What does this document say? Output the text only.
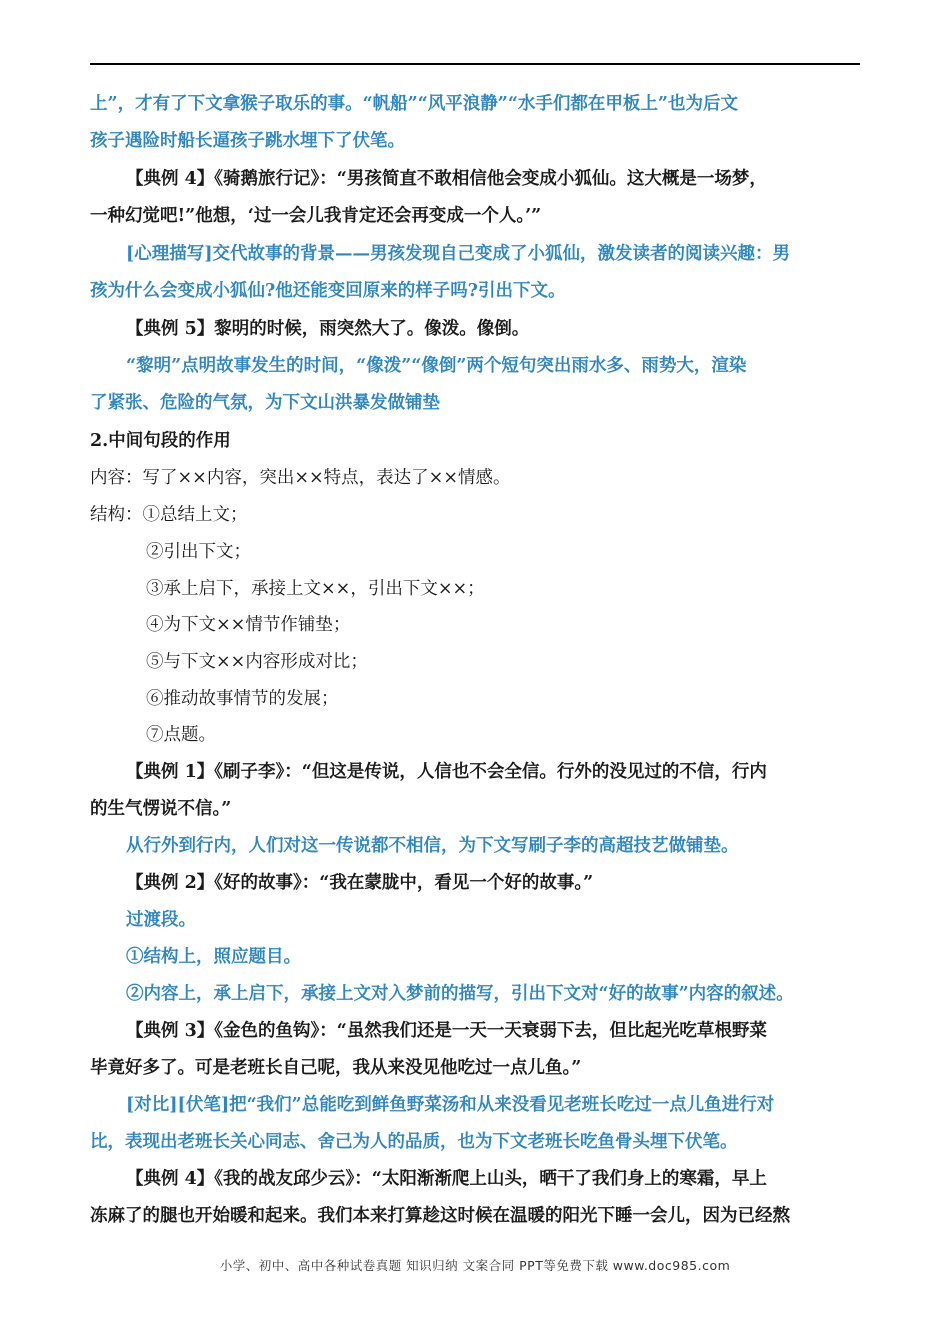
上”，才有了下文拿猴子取乐的事。“帆船”“风平浪静”“水手们都在甲板上”也为后文
孩子遇险时船长逼孩子跳水埋下了伏笔。
【典例 4】《骑鹅旅行记》：“男孩简直不敢相信他会变成小狐仙。这大概是一场梦，
一种幻觉吧!”他想，‘过一会儿我肯定还会再变成一个人。’”
[心理描写]交代故事的背景——男孩发现自己变成了小狐仙，激发读者的阅读兴趣：男
孩为什么会变成小狐仙?他还能变回原来的样子吗?引出下文。
【典例 5】黎明的时候，雨突然大了。像泼。像倒。
“黎明”点明故事发生的时间，“像泼”“像倒”两个短句突出雨水多、雨势大，渲染
了紧张、危险的气氛，为下文山洪暴发做铺垫
2.中间句段的作用
内容：写了××内容，突出××特点，表达了××情感。
结构：①总结上文；
②引出下文；
③承上启下，承接上文××，引出下文××；
④为下文××情节作铺垫；
⑤与下文××内容形成对比；
⑥推动故事情节的发展；
⑦点题。
【典例 1】《刷子李》：“但这是传说，人信也不会全信。行外的没见过的不信，行内
的生气愣说不信。”
从行外到行内，人们对这一传说都不相信，为下文写刷子李的高超技艺做铺垫。
【典例 2】《好的故事》：“我在蒙胧中，看见一个好的故事。”
过渡段。
①结构上，照应题目。
②内容上，承上启下，承接上文对入梦前的描写，引出下文对“好的故事”内容的叙述。
【典例 3】《金色的鱼钩》：“虽然我们还是一天一天衰弱下去，但比起光吃草根野菜
毕竟好多了。可是老班长自己呢，我从来没见他吃过一点儿鱼。”
[对比][伏笔]把“我们”总能吃到鲜鱼野菜汤和从来没看见老班长吃过一点儿鱼进行对
比，表现出老班长关心同志、舍己为人的品质，也为下文老班长吃鱼骨头埋下伏笔。
【典例 4】《我的战友邱少云》：“太阳渐渐爬上山头，晒干了我们身上的寒霜，早上
冻麻了的腿也开始暖和起来。我们本来打算趁这时候在温暖的阳光下睡一会儿，因为已经熬
小学、初中、高中各种试卷真题 知识归纳 文案合同 PPT等免费下载 www.doc985.com
